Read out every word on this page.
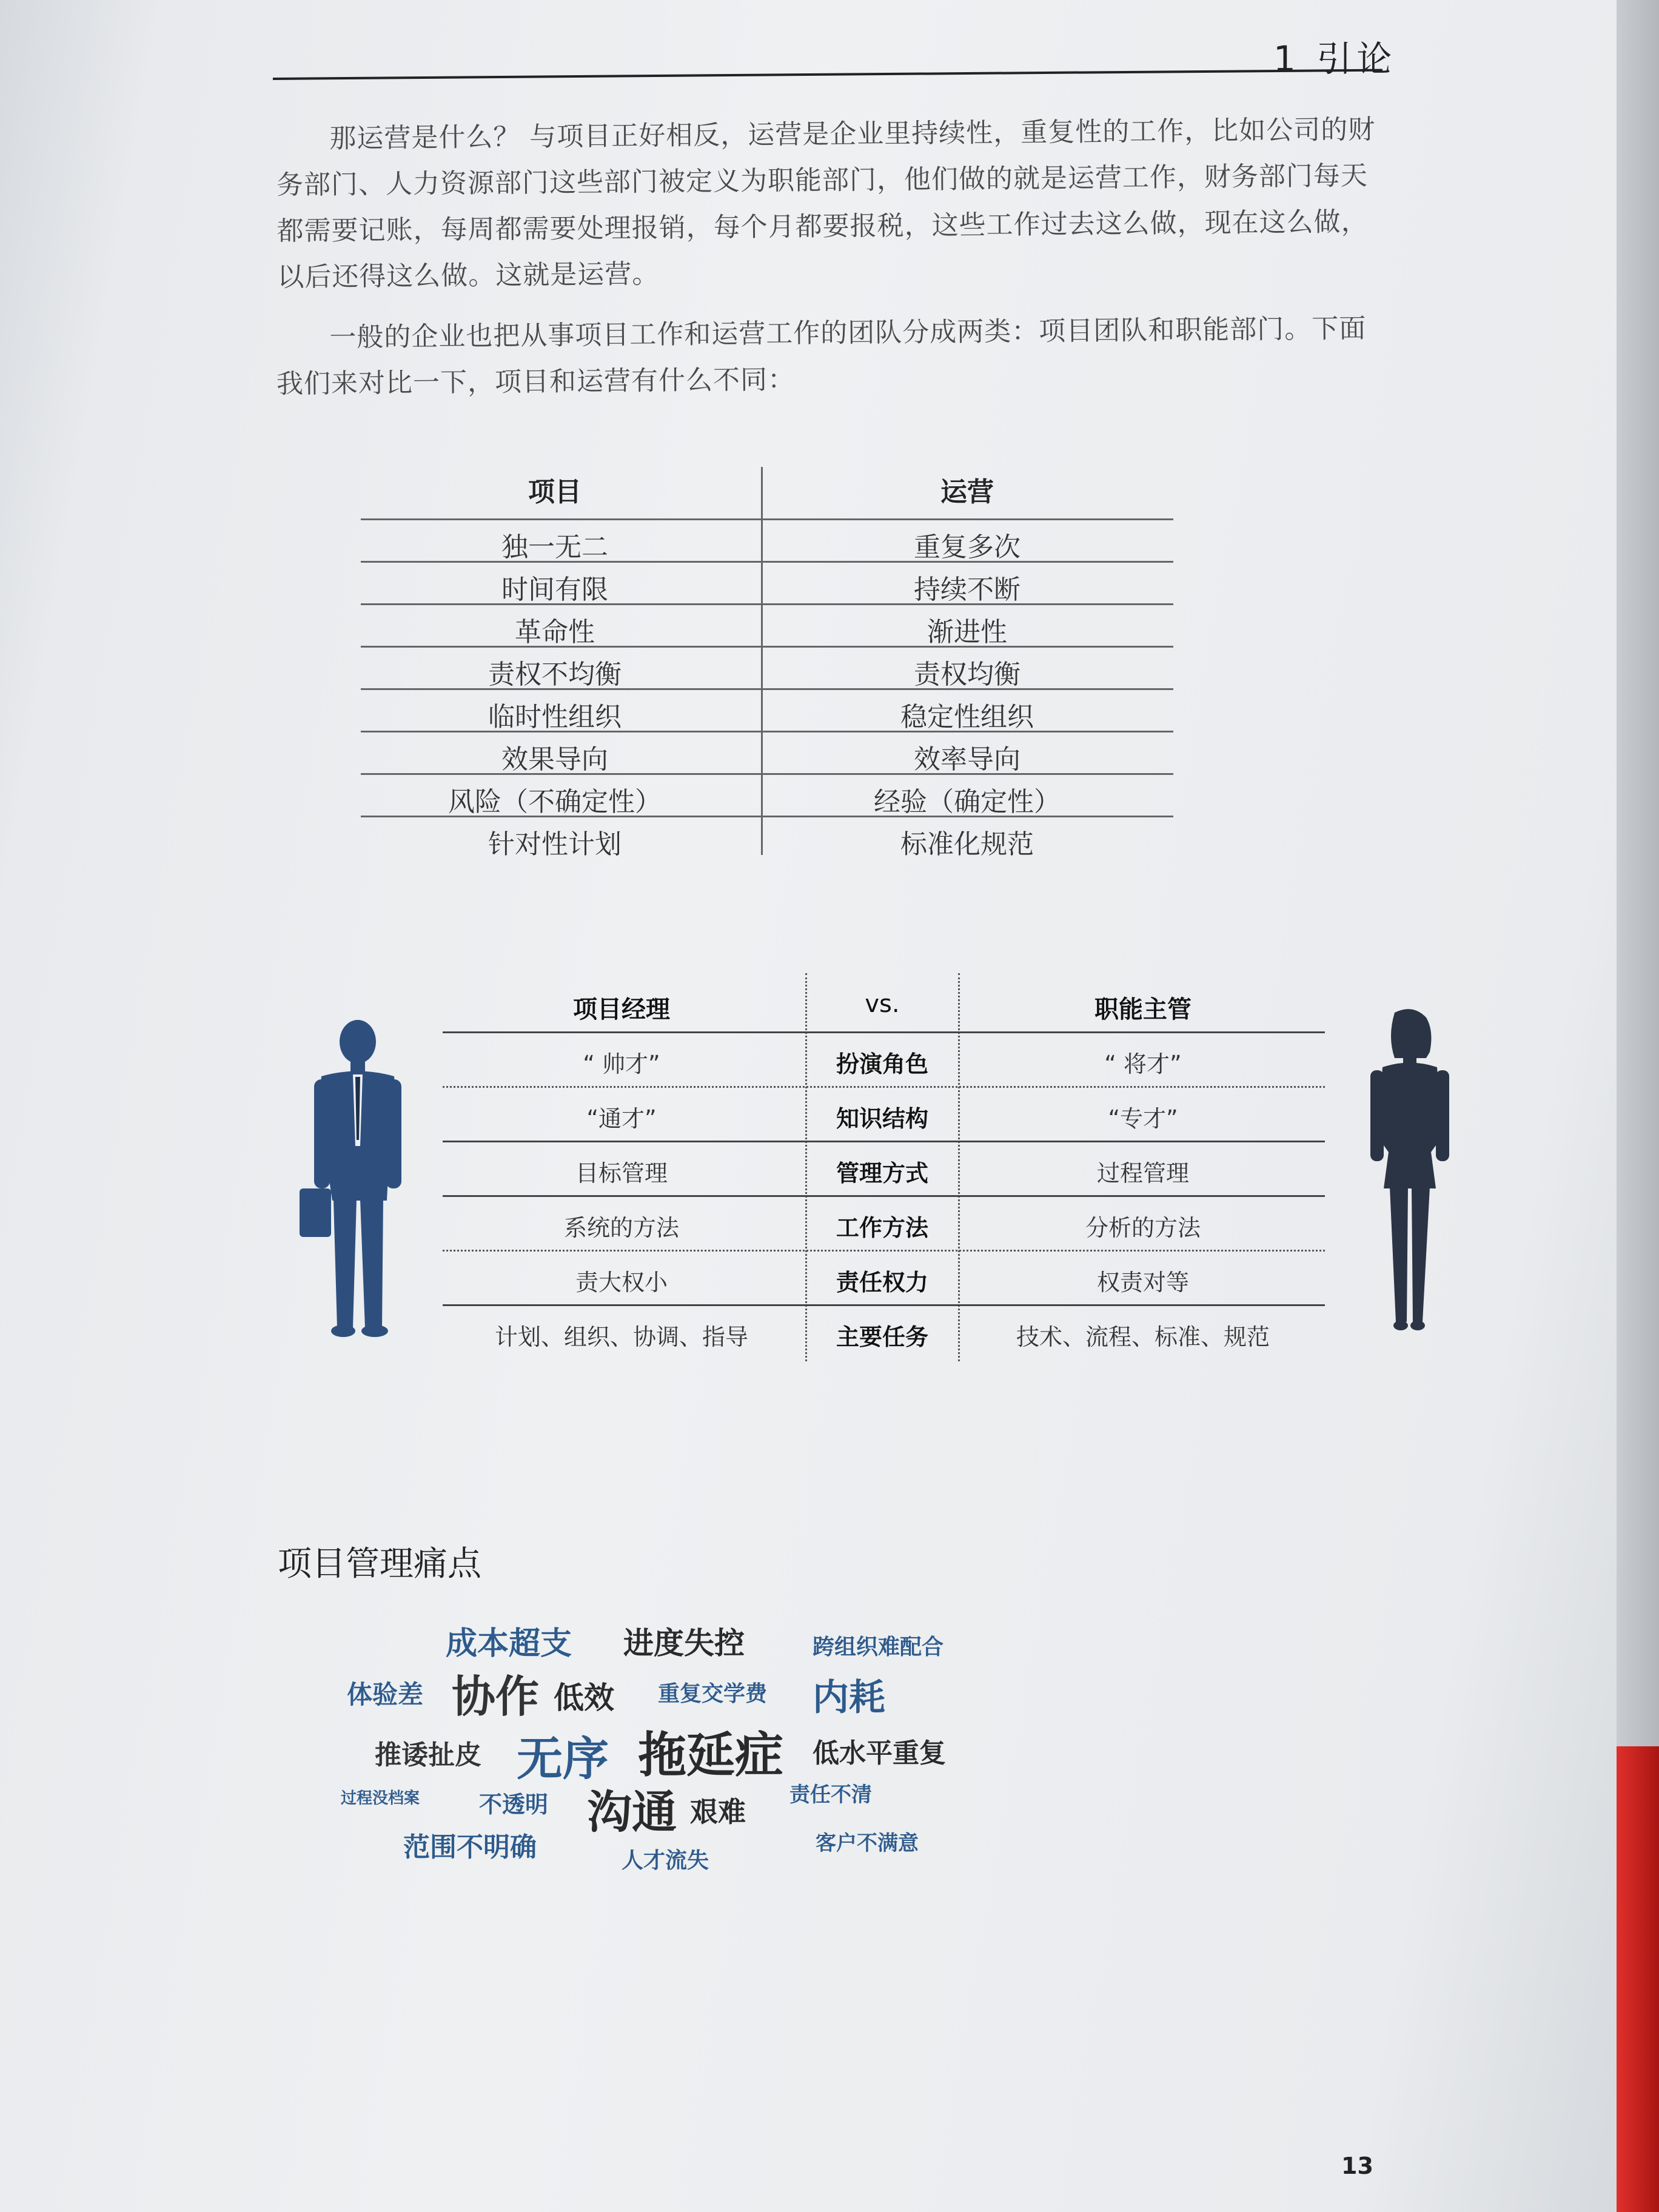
1 引论
那运营是什么？ 与项目正好相反，运营是企业里持续性，重复性的工作，比如公司的财务部门、人力资源部门这些部门被定义为职能部门，他们做的就是运营工作，财务部门每天都需要记账，每周都需要处理报销，每个月都要报税，这些工作过去这么做，现在这么做，以后还得这么做。这就是运营。
一般的企业也把从事项目工作和运营工作的团队分成两类：项目团队和职能部门。下面我们来对比一下，项目和运营有什么不同：
项目	运营
独一无二	重复多次
时间有限	持续不断
革命性	渐进性
责权不均衡	责权均衡
临时性组织	稳定性组织
效果导向	效率导向
风险（不确定性）	经验（确定性）
针对性计划	标准化规范
项目经理	vs.	职能主管
“ 帅才”	扮演角色	“ 将才”
“通才”	知识结构	“专才”
目标管理	管理方式	过程管理
系统的方法	工作方法	分析的方法
责大权小	责任权力	权责对等
计划、组织、协调、指导	主要任务	技术、流程、标准、规范
项目管理痛点
成本超支 进度失控	跨组织难配合
体验差 协作 低效 重复交学费 内耗
推诿扯皮 无序 拖延症 低水平重复
过程没档案	不透明 沟通 艰难
责任不清
范围不明确	人才流失
客户不满意
13
